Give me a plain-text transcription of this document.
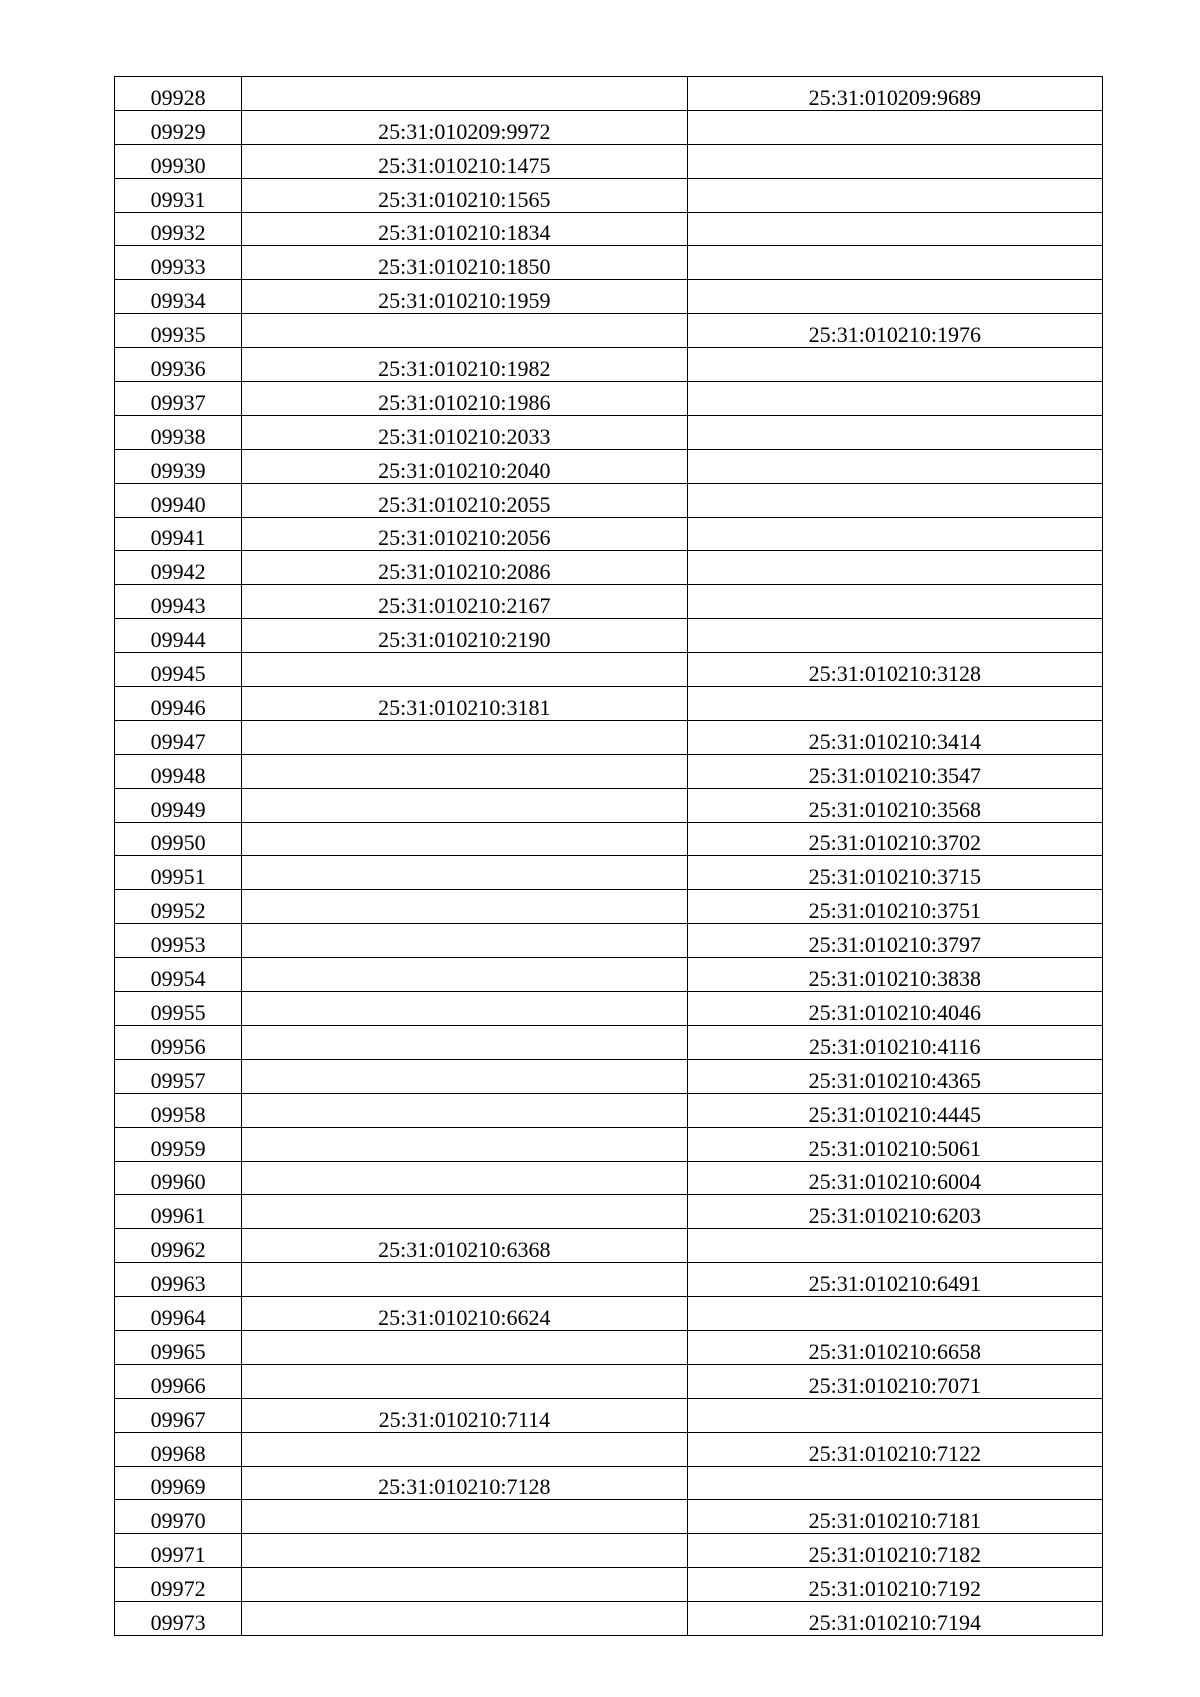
09928		25:31:010209:9689
09929	25:31:010209:9972	
09930	25:31:010210:1475	
09931	25:31:010210:1565	
09932	25:31:010210:1834	
09933	25:31:010210:1850	
09934	25:31:010210:1959	
09935		25:31:010210:1976
09936	25:31:010210:1982	
09937	25:31:010210:1986	
09938	25:31:010210:2033	
09939	25:31:010210:2040	
09940	25:31:010210:2055	
09941	25:31:010210:2056	
09942	25:31:010210:2086	
09943	25:31:010210:2167	
09944	25:31:010210:2190	
09945		25:31:010210:3128
09946	25:31:010210:3181	
09947		25:31:010210:3414
09948		25:31:010210:3547
09949		25:31:010210:3568
09950		25:31:010210:3702
09951		25:31:010210:3715
09952		25:31:010210:3751
09953		25:31:010210:3797
09954		25:31:010210:3838
09955		25:31:010210:4046
09956		25:31:010210:4116
09957		25:31:010210:4365
09958		25:31:010210:4445
09959		25:31:010210:5061
09960		25:31:010210:6004
09961		25:31:010210:6203
09962	25:31:010210:6368	
09963		25:31:010210:6491
09964	25:31:010210:6624	
09965		25:31:010210:6658
09966		25:31:010210:7071
09967	25:31:010210:7114	
09968		25:31:010210:7122
09969	25:31:010210:7128	
09970		25:31:010210:7181
09971		25:31:010210:7182
09972		25:31:010210:7192
09973		25:31:010210:7194
